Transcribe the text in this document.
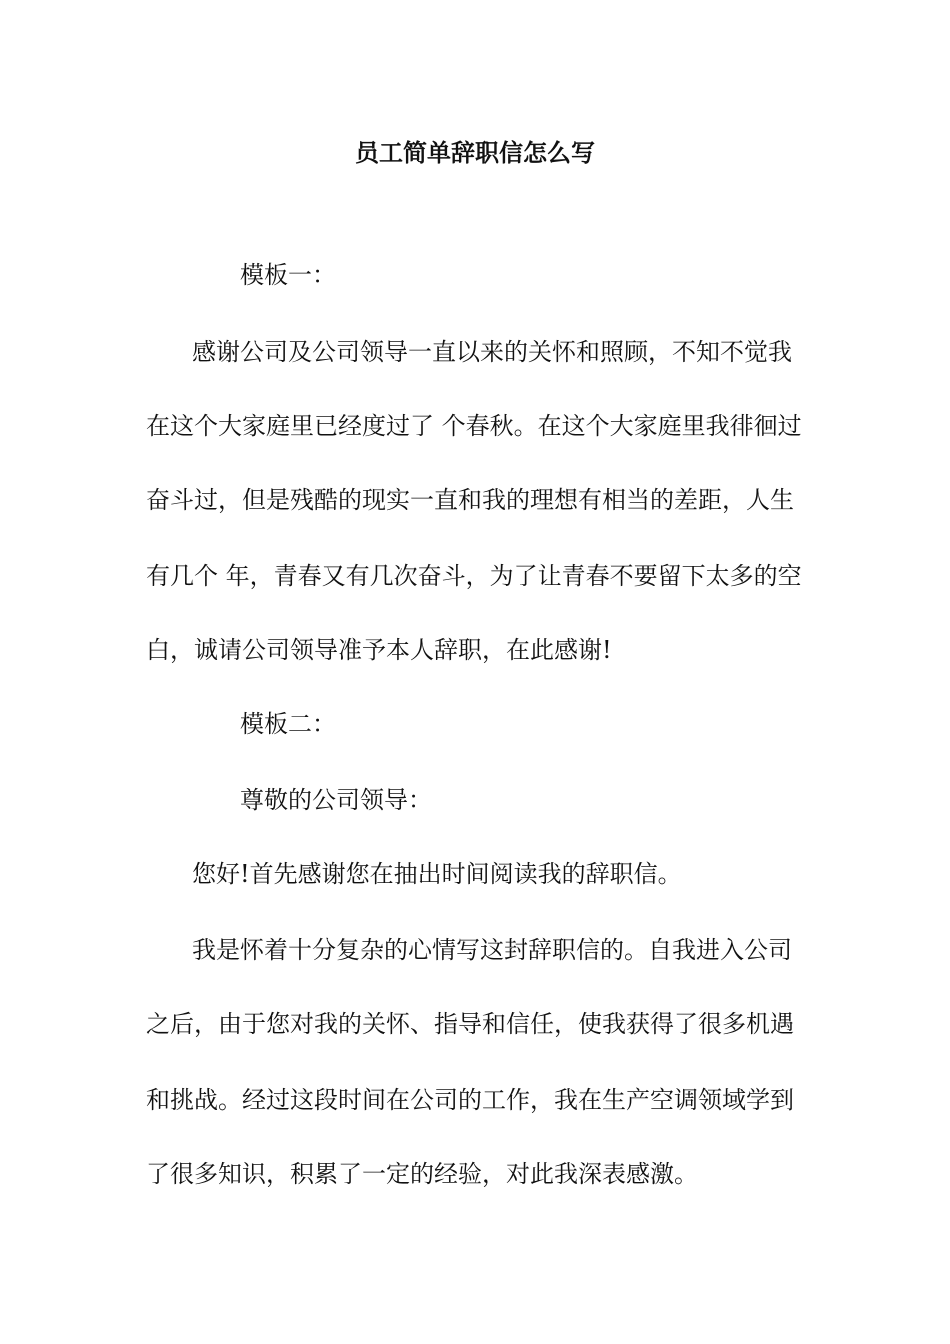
员工简单辞职信怎么写
模板一：
感谢公司及公司领导一直以来的关怀和照顾，不知不觉我
在这个大家庭里已经度过了 个春秋。在这个大家庭里我徘徊过
奋斗过，但是残酷的现实一直和我的理想有相当的差距，人生
有几个 年，青春又有几次奋斗，为了让青春不要留下太多的空
白，诚请公司领导准予本人辞职，在此感谢!
模板二：
尊敬的公司领导：
您好!首先感谢您在抽出时间阅读我的辞职信。
我是怀着十分复杂的心情写这封辞职信的。自我进入公司
之后，由于您对我的关怀、指导和信任，使我获得了很多机遇
和挑战。经过这段时间在公司的工作，我在生产空调领域学到
了很多知识，积累了一定的经验，对此我深表感激。
